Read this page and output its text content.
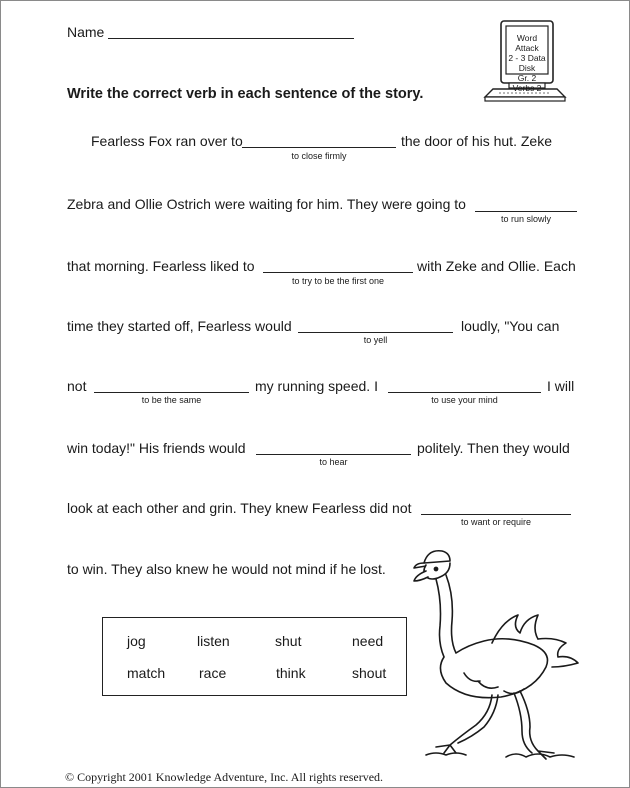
Name	Word Attack
2 - 3 Data Disk
Gr. 2 Verbs 2
Write the correct verb in each sentence of the story.
Fearless Fox ran over to	the door of his hut. Zeke
to close firmly
Zebra and Ollie Ostrich were waiting for him. They were going to
to run slowly
that morning. Fearless liked to	with Zeke and Ollie. Each
to try to be the first one
time they started off, Fearless would	loudly, "You can
to yell
not	my running speed. I	I will
to be the same	to use your mind
win today!" His friends would	politely. Then they would
to hear
look at each other and grin. They knew Fearless did not
to want or require
to win. They also knew he would not mind if he lost.
jog	listen	shut	need
match race	think	shout
© Copyright 2001 Knowledge Adventure, Inc. All rights reserved.
